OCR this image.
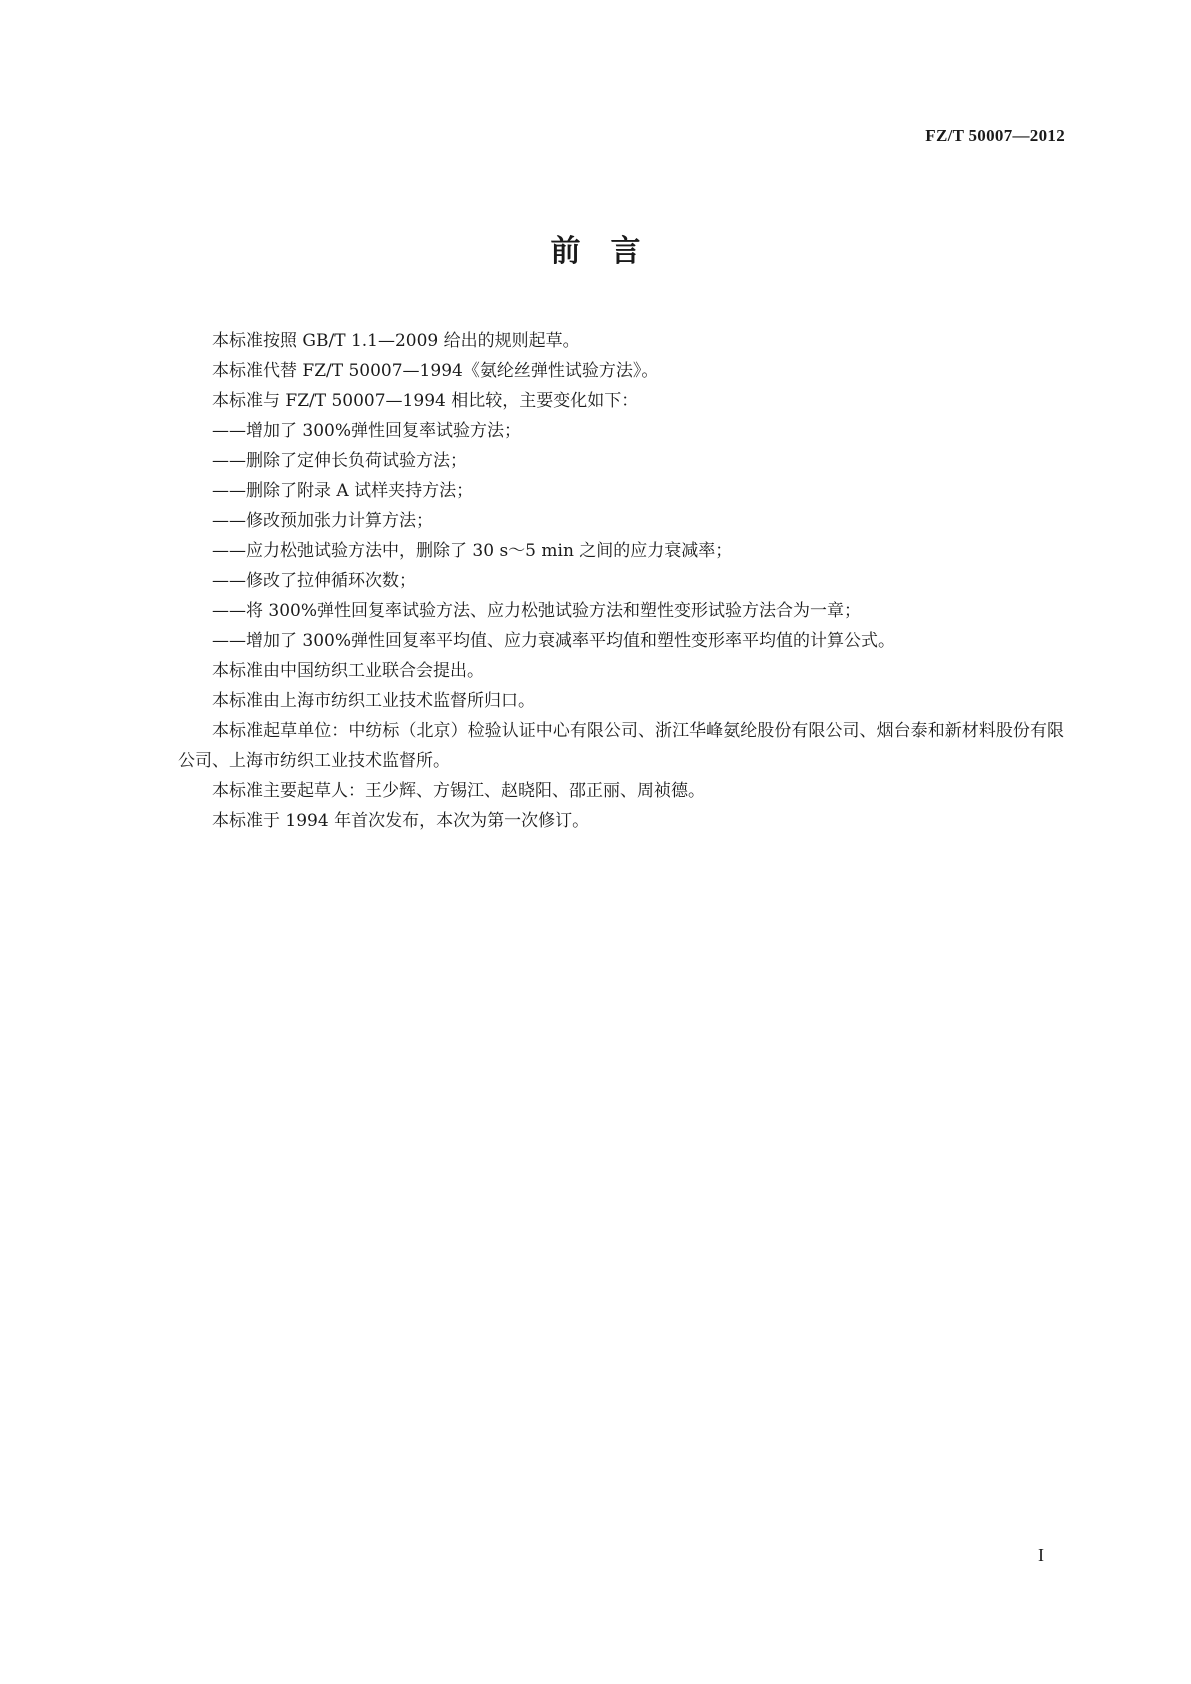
FZ/T 50007—2012
前　言

本标准按照 GB/T 1.1—2009 给出的规则起草。

本标准代替 FZ/T 50007—1994《氨纶丝弹性试验方法》。

本标准与 FZ/T 50007—1994 相比较，主要变化如下：

——增加了 300%弹性回复率试验方法；

——删除了定伸长负荷试验方法；

——删除了附录 A 试样夹持方法；

——修改预加张力计算方法；

——应力松弛试验方法中，删除了 30 s～5 min 之间的应力衰减率；

——修改了拉伸循环次数；

——将 300%弹性回复率试验方法、应力松弛试验方法和塑性变形试验方法合为一章；

——增加了 300%弹性回复率平均值、应力衰减率平均值和塑性变形率平均值的计算公式。

本标准由中国纺织工业联合会提出。

本标准由上海市纺织工业技术监督所归口。

本标准起草单位：中纺标（北京）检验认证中心有限公司、浙江华峰氨纶股份有限公司、烟台泰和新材料股份有限公司、上海市纺织工业技术监督所。

本标准主要起草人：王少辉、方锡江、赵晓阳、邵正丽、周祯德。

本标准于 1994 年首次发布，本次为第一次修订。

I
